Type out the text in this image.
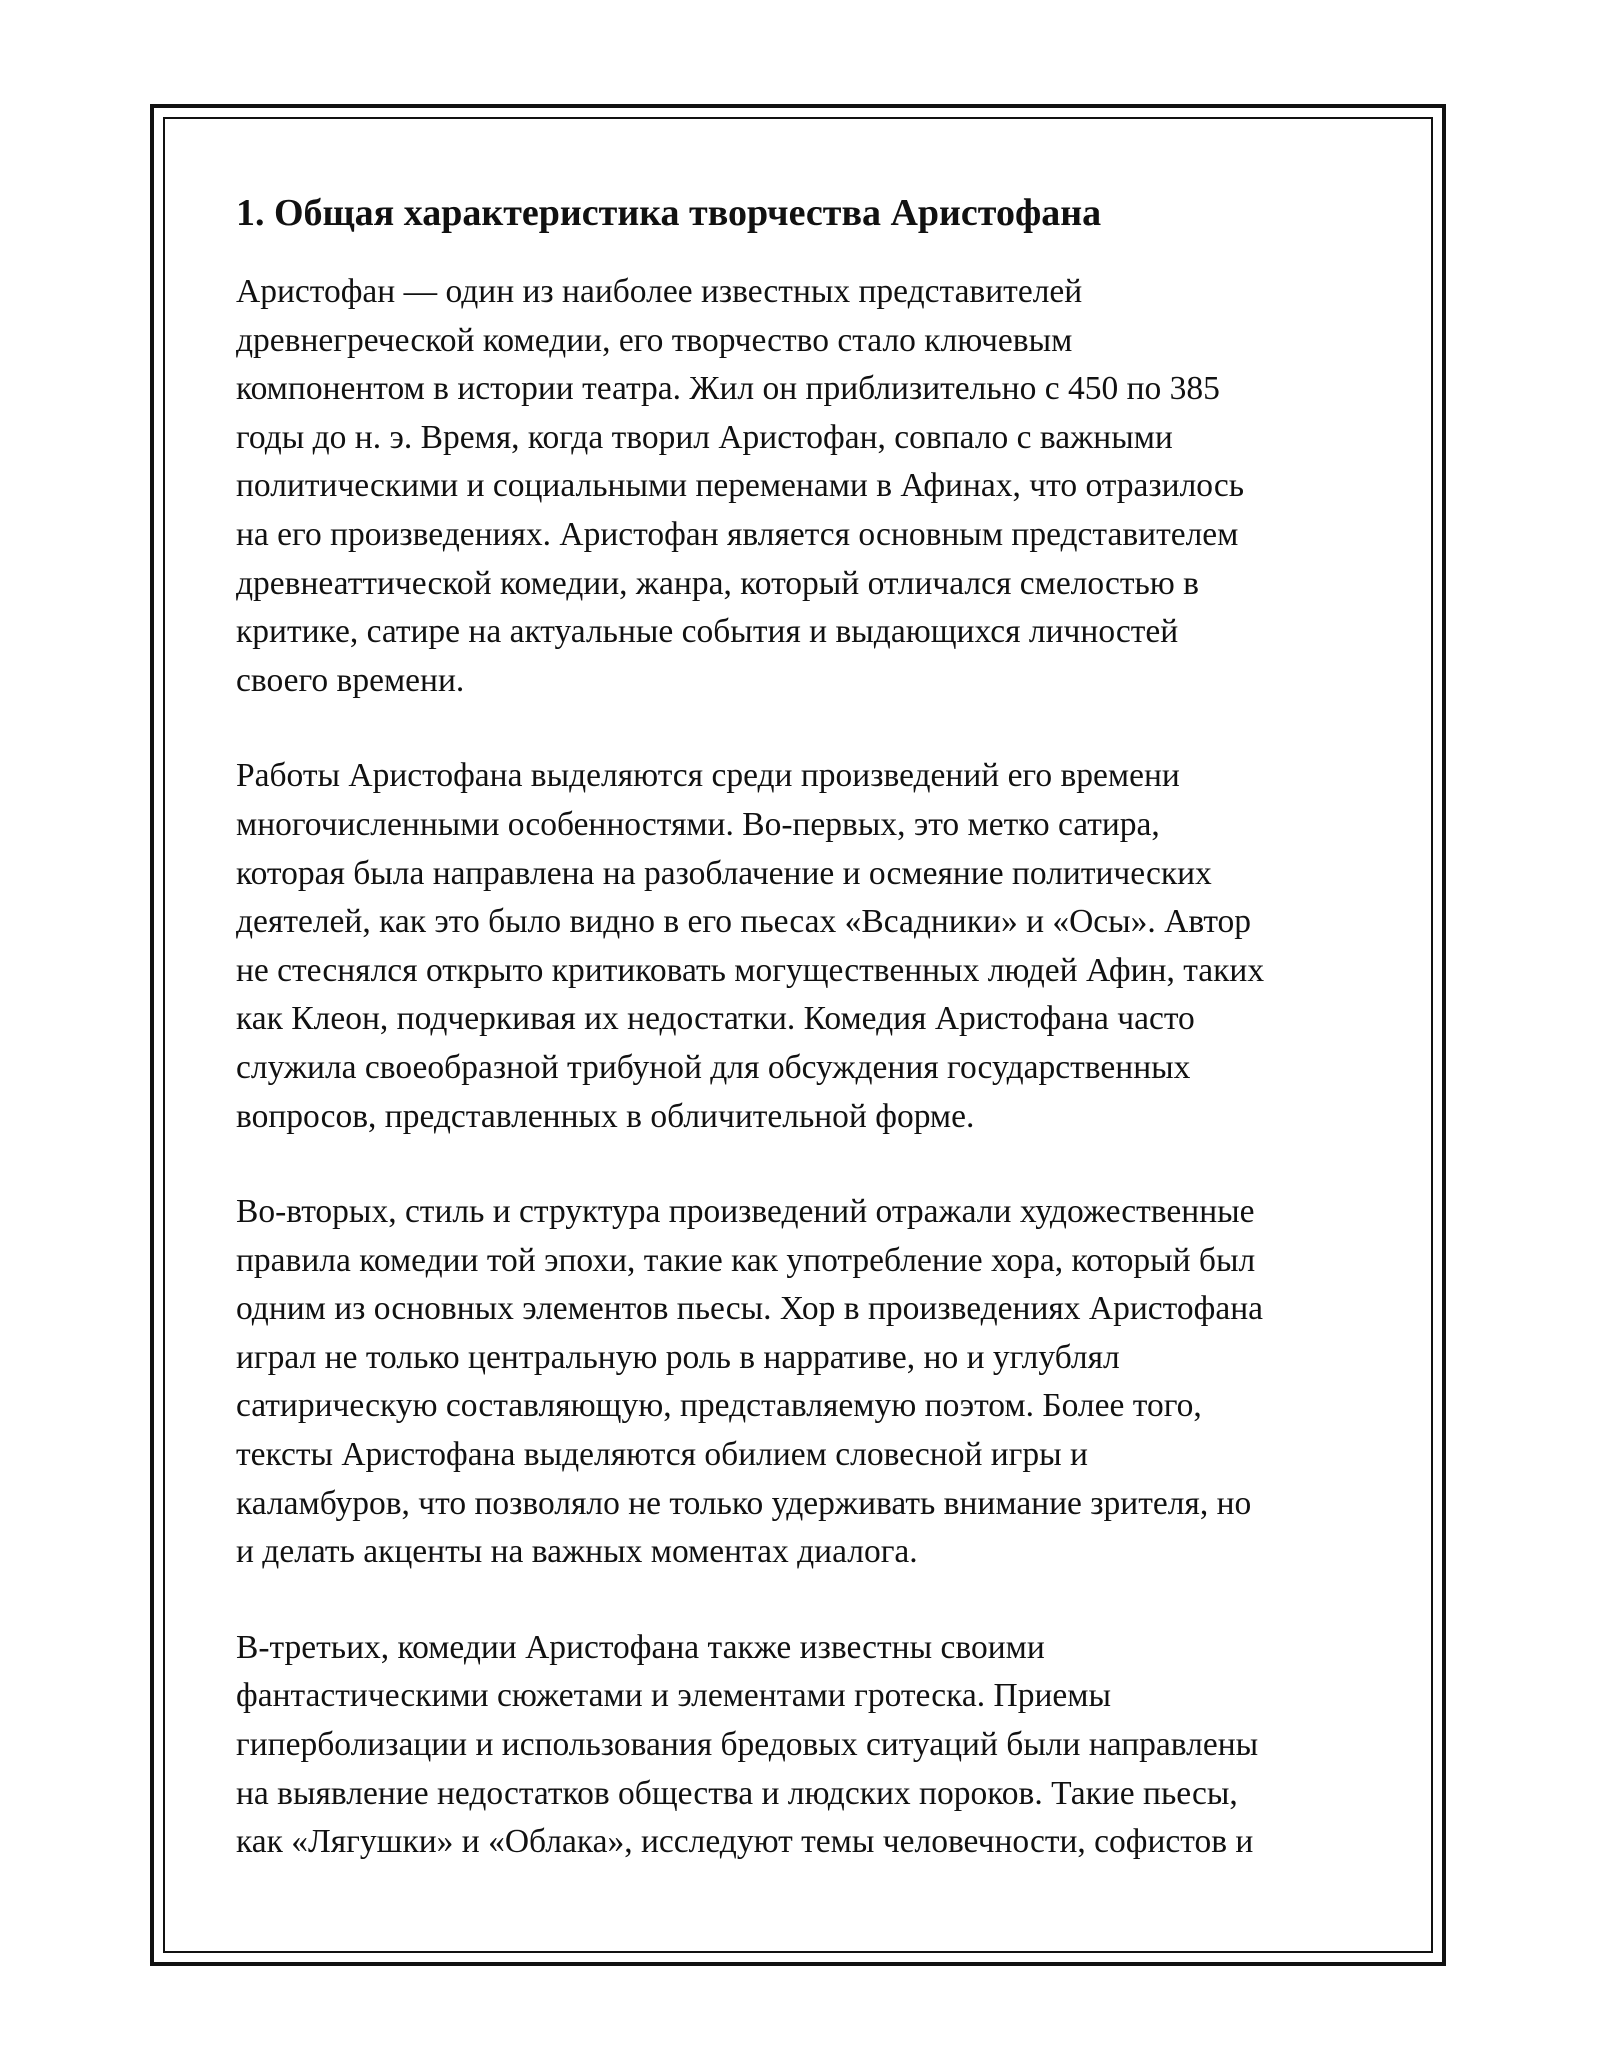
1. Общая характеристика творчества Аристофана

Аристофан — один из наиболее известных представителей
древнегреческой комедии, его творчество стало ключевым
компонентом в истории театра. Жил он приблизительно с 450 по 385
годы до н. э. Время, когда творил Аристофан, совпало с важными
политическими и социальными переменами в Афинах, что отразилось
на его произведениях. Аристофан является основным представителем
древнеаттической комедии, жанра, который отличался смелостью в
критике, сатире на актуальные события и выдающихся личностей
своего времени.

Работы Аристофана выделяются среди произведений его времени
многочисленными особенностями. Во-первых, это метко сатира,
которая была направлена на разоблачение и осмеяние политических
деятелей, как это было видно в его пьесах «Всадники» и «Осы». Автор
не стеснялся открыто критиковать могущественных людей Афин, таких
как Клеон, подчеркивая их недостатки. Комедия Аристофана часто
служила своеобразной трибуной для обсуждения государственных
вопросов, представленных в обличительной форме.

Во-вторых, стиль и структура произведений отражали художественные
правила комедии той эпохи, такие как употребление хора, который был
одним из основных элементов пьесы. Хор в произведениях Аристофана
играл не только центральную роль в нарративе, но и углублял
сатирическую составляющую, представляемую поэтом. Более того,
тексты Аристофана выделяются обилием словесной игры и
каламбуров, что позволяло не только удерживать внимание зрителя, но
и делать акценты на важных моментах диалога.

В-третьих, комедии Аристофана также известны своими
фантастическими сюжетами и элементами гротеска. Приемы
гиперболизации и использования бредовых ситуаций были направлены
на выявление недостатков общества и людских пороков. Такие пьесы,
как «Лягушки» и «Облака», исследуют темы человечности, софистов и
